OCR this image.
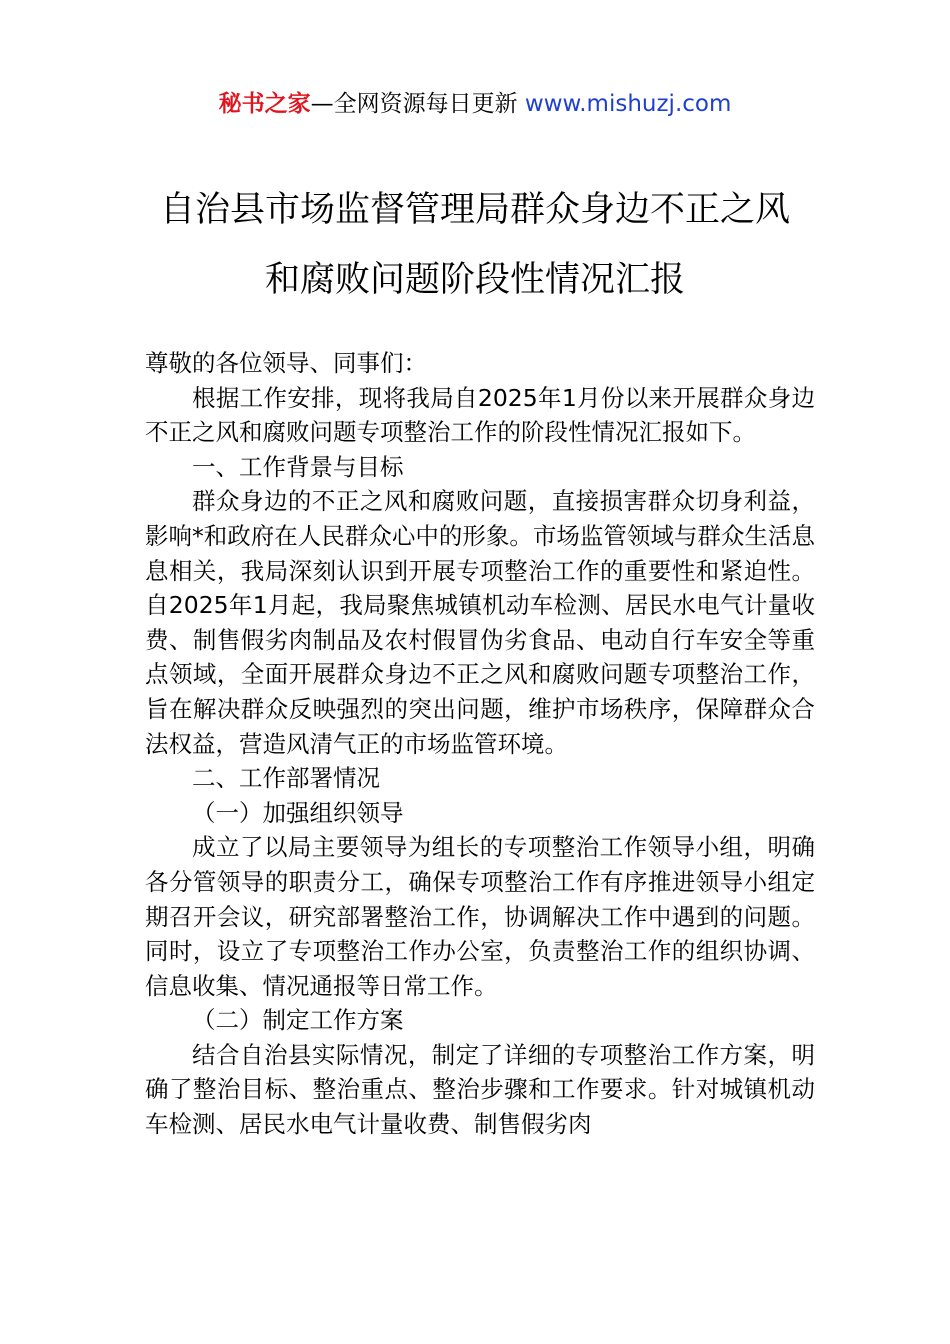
秘书之家—全网资源每日更新 www.mishuzj.com
自治县市场监督管理局群众身边不正之风
和腐败问题阶段性情况汇报

尊敬的各位领导、同事们：

根据工作安排，现将我局自2025年1月份以来开展群众身边不正之风和腐败问题专项整治工作的阶段性情况汇报如下。

一、工作背景与目标

群众身边的不正之风和腐败问题，直接损害群众切身利益，影响*和政府在人民群众心中的形象。市场监管领域与群众生活息息相关，我局深刻认识到开展专项整治工作的重要性和紧迫性。自2025年1月起，我局聚焦城镇机动车检测、居民水电气计量收费、制售假劣肉制品及农村假冒伪劣食品、电动自行车安全等重点领域，全面开展群众身边不正之风和腐败问题专项整治工作，旨在解决群众反映强烈的突出问题，维护市场秩序，保障群众合法权益，营造风清气正的市场监管环境。

二、工作部署情况

（一）加强组织领导

成立了以局主要领导为组长的专项整治工作领导小组，明确各分管领导的职责分工，确保专项整治工作有序推进领导小组定期召开会议，研究部署整治工作，协调解决工作中遇到的问题。同时，设立了专项整治工作办公室，负责整治工作的组织协调、信息收集、情况通报等日常工作。

（二）制定工作方案

结合自治县实际情况，制定了详细的专项整治工作方案，明确了整治目标、整治重点、整治步骤和工作要求。针对城镇机动车检测、居民水电气计量收费、制售假劣肉
